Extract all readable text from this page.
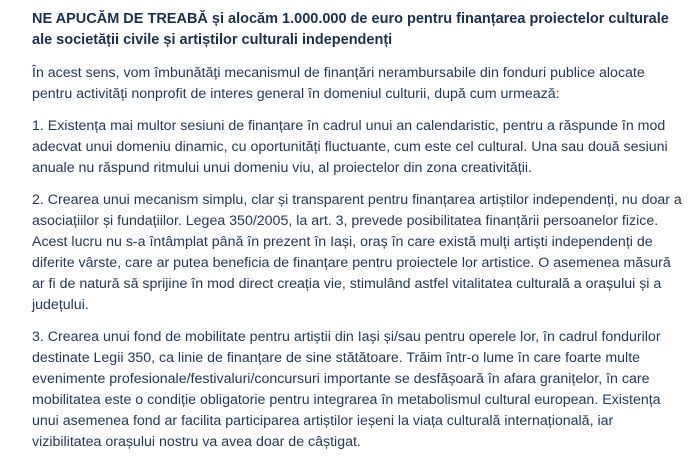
NE APUCĂM DE TREABĂ și alocăm 1.000.000 de euro pentru finanțarea proiectelor culturale ale societății civile și artiștilor culturali independenți

În acest sens, vom îmbunătăți mecanismul de finanțări nerambursabile din fonduri publice alocate pentru activități nonprofit de interes general în domeniul culturii, după cum urmează:

1. Existența mai multor sesiuni de finanțare în cadrul unui an calendaristic, pentru a răspunde în mod adecvat unui domeniu dinamic, cu oportunități fluctuante, cum este cel cultural. Una sau două sesiuni anuale nu răspund ritmului unui domeniu viu, al proiectelor din zona creativității.

2. Crearea unui mecanism simplu, clar și transparent pentru finanțarea artiștilor independenți, nu doar a asociațiilor și fundațiilor. Legea 350/2005, la art. 3, prevede posibilitatea finanțării persoanelor fizice. Acest lucru nu s-a întâmplat până în prezent în Iași, oraș în care există mulți artiști independenți de diferite vârste, care ar putea beneficia de finanțare pentru proiectele lor artistice. O asemenea măsură ar fi de natură să sprijine în mod direct creația vie, stimulând astfel vitalitatea culturală a orașului și a județului.

3. Crearea unui fond de mobilitate pentru artiștii din Iași și/sau pentru operele lor, în cadrul fondurilor destinate Legii 350, ca linie de finanțare de sine stătătoare. Trăim într-o lume în care foarte multe evenimente profesionale/festivaluri/concursuri importante se desfășoară în afara granițelor, în care mobilitatea este o condiție obligatorie pentru integrarea în metabolismul cultural european. Existența unui asemenea fond ar facilita participarea artiștilor ieșeni la viața culturală internațională, iar vizibilitatea orașului nostru va avea doar de câștigat.
